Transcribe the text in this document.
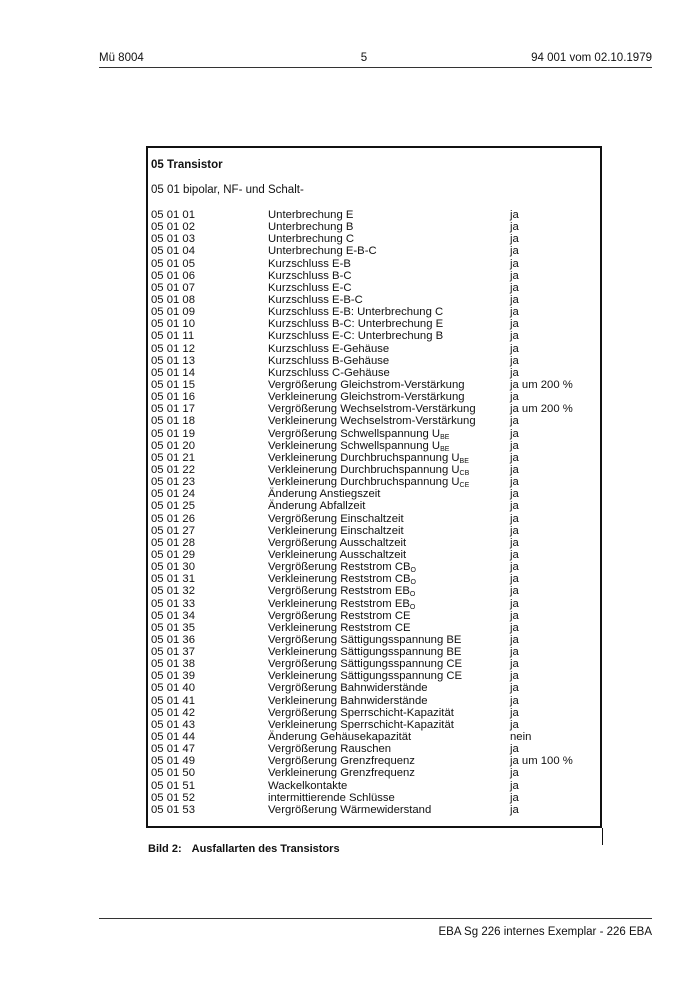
Mü 8004	5	94 001 vom 02.10.1979
05 Transistor
05 01 bipolar, NF- und Schalt-
05 01 01	Unterbrechung E	ja
05 01 02	Unterbrechung B	ja
05 01 03	Unterbrechung C	ja
05 01 04	Unterbrechung E-B-C	ja
05 01 05	Kurzschluss E-B	ja
05 01 06	Kurzschluss B-C	ja
05 01 07	Kurzschluss E-C	ja
05 01 08	Kurzschluss E-B-C	ja
05 01 09	Kurzschluss E-B: Unterbrechung C	ja
05 01 10	Kurzschluss B-C: Unterbrechung E	ja
05 01 11	Kurzschluss E-C: Unterbrechung B	ja
05 01 12	Kurzschluss E-Gehäuse	ja
05 01 13	Kurzschluss B-Gehäuse	ja
05 01 14	Kurzschluss C-Gehäuse	ja
05 01 15	Vergrößerung Gleichstrom-Verstärkung	ja um 200 %
05 01 16	Verkleinerung Gleichstrom-Verstärkung	ja
05 01 17	Vergrößerung Wechselstrom-Verstärkung	ja um 200 %
05 01 18	Verkleinerung Wechselstrom-Verstärkung	ja
05 01 19	Vergrößerung Schwellspannung $U_{BE}$	ja
05 01 20	Verkleinerung Schwellspannung $U_{BE}$	ja
05 01 21	Verkleinerung Durchbruchspannung $U_{BE}$	ja
05 01 22	Verkleinerung Durchbruchspannung $U_{CB}$	ja
05 01 23	Verkleinerung Durchbruchspannung $U_{CE}$	ja
05 01 24	Änderung Anstiegszeit	ja
05 01 25	Änderung Abfallzeit	ja
05 01 26	Vergrößerung Einschaltzeit	ja
05 01 27	Verkleinerung Einschaltzeit	ja
05 01 28	Vergrößerung Ausschaltzeit	ja
05 01 29	Verkleinerung Ausschaltzeit	ja
05 01 30	Vergrößerung Reststrom $CB_O$	ja
05 01 31	Verkleinerung Reststrom $CB_O$	ja
05 01 32	Vergrößerung Reststrom $EB_O$	ja
05 01 33	Verkleinerung Reststrom $EB_O$	ja
05 01 34	Vergrößerung Reststrom CE	ja
05 01 35	Verkleinerung Reststrom CE	ja
05 01 36	Vergrößerung Sättigungsspannung BE	ja
05 01 37	Verkleinerung Sättigungsspannung BE	ja
05 01 38	Vergrößerung Sättigungsspannung CE	ja
05 01 39	Verkleinerung Sättigungsspannung CE	ja
05 01 40	Vergrößerung Bahnwiderstände	ja
05 01 41	Verkleinerung Bahnwiderstände	ja
05 01 42	Vergrößerung Sperrschicht-Kapazität	ja
05 01 43	Verkleinerung Sperrschicht-Kapazität	ja
05 01 44	Änderung Gehäusekapazität	nein
05 01 47	Vergrößerung Rauschen	ja
05 01 49	Vergrößerung Grenzfrequenz	ja um 100 %
05 01 50	Verkleinerung Grenzfrequenz	ja
05 01 51	Wackelkontakte	ja
05 01 52	intermittierende Schlüsse	ja
05 01 53	Vergrößerung Wärmewiderstand	ja
Bild 2: Ausfallarten des Transistors
EBA Sg 226 internes Exemplar - 226 EBA
